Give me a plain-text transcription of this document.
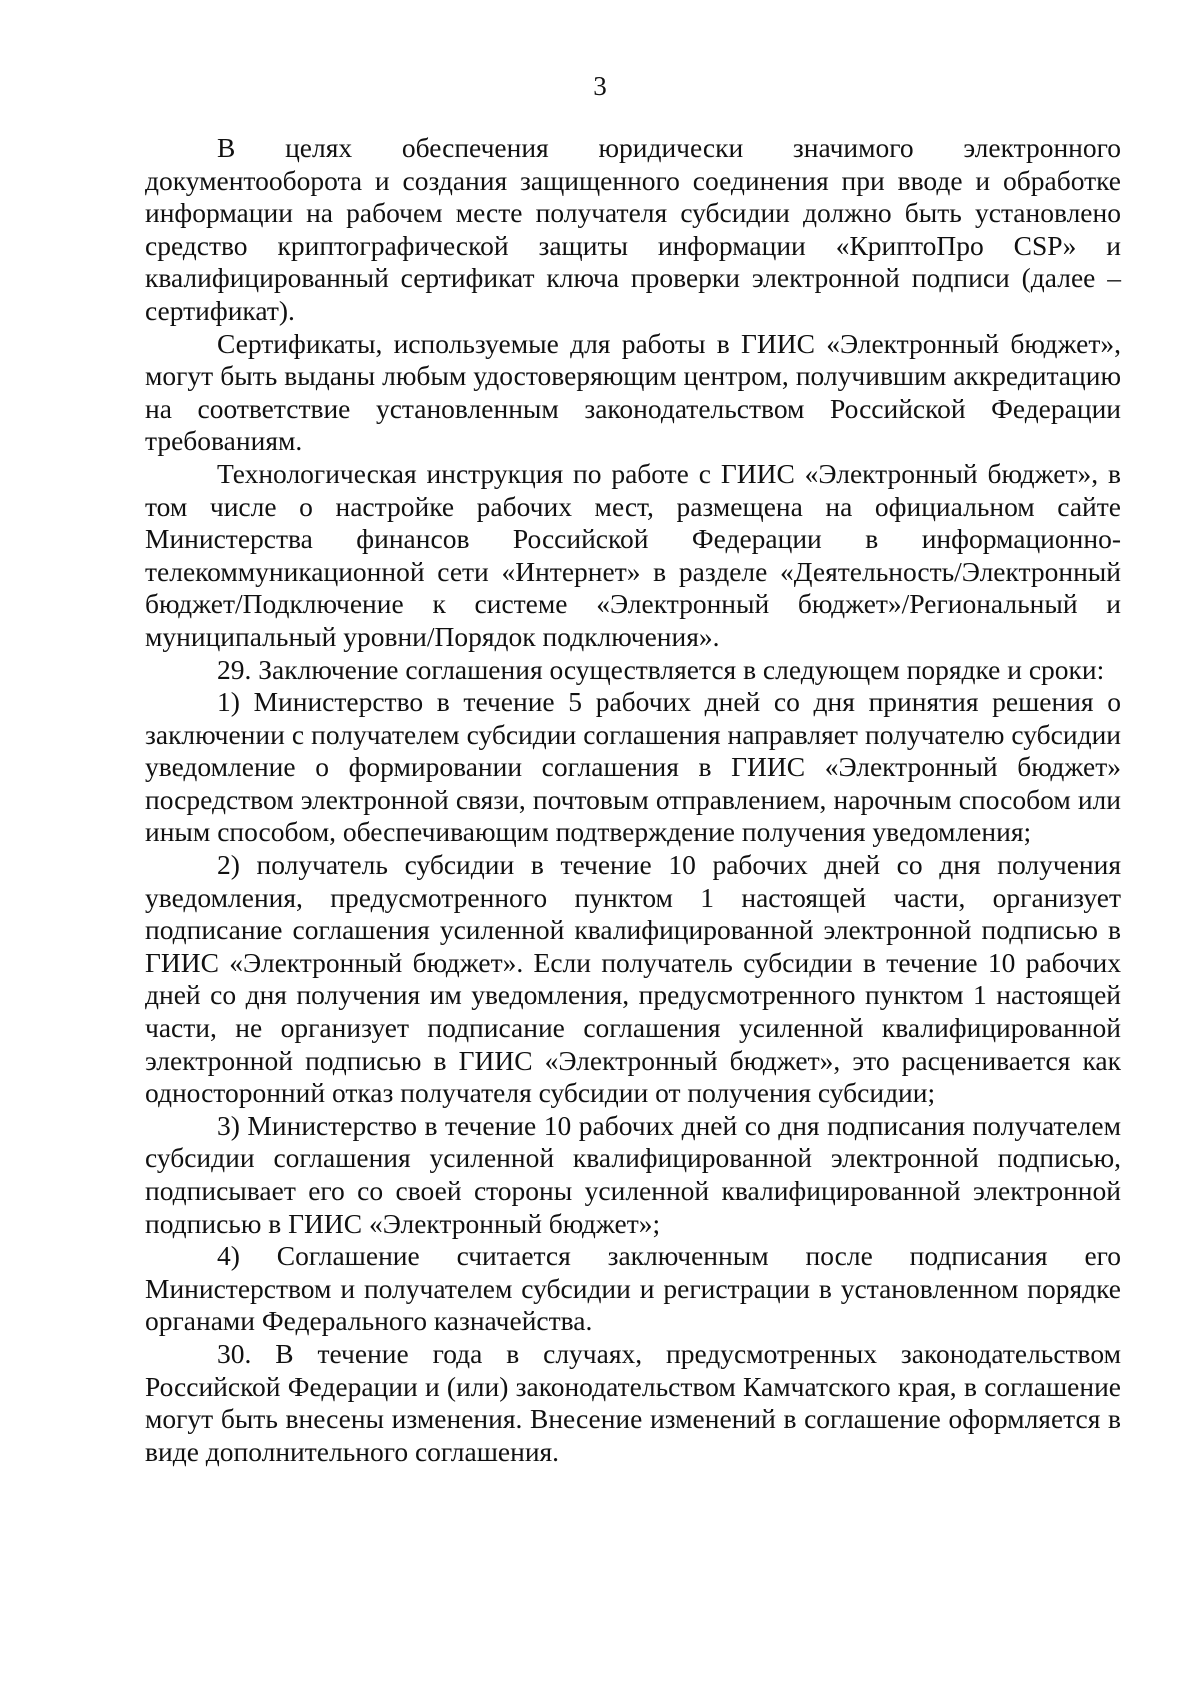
3

В целях обеспечения юридически значимого электронного документооборота и создания защищенного соединения при вводе и обработке информации на рабочем месте получателя субсидии должно быть установлено средство криптографической защиты информации «КриптоПро CSP» и квалифицированный сертификат ключа проверки электронной подписи (далее – сертификат).

Сертификаты, используемые для работы в ГИИС «Электронный бюджет», могут быть выданы любым удостоверяющим центром, получившим аккредитацию на соответствие установленным законодательством Российской Федерации требованиям.

Технологическая инструкция по работе с ГИИС «Электронный бюджет», в том числе о настройке рабочих мест, размещена на официальном сайте Министерства финансов Российской Федерации в информационно-телекоммуникационной сети «Интернет» в разделе «Деятельность/Электронный бюджет/Подключение к системе «Электронный бюджет»/Региональный и муниципальный уровни/Порядок подключения».

29. Заключение соглашения осуществляется в следующем порядке и сроки:

1) Министерство в течение 5 рабочих дней со дня принятия решения о заключении с получателем субсидии соглашения направляет получателю субсидии уведомление о формировании соглашения в ГИИС «Электронный бюджет» посредством электронной связи, почтовым отправлением, нарочным способом или иным способом, обеспечивающим подтверждение получения уведомления;

2) получатель субсидии в течение 10 рабочих дней со дня получения уведомления, предусмотренного пунктом 1 настоящей части, организует подписание соглашения усиленной квалифицированной электронной подписью в ГИИС «Электронный бюджет». Если получатель субсидии в течение 10 рабочих дней со дня получения им уведомления, предусмотренного пунктом 1 настоящей части, не организует подписание соглашения усиленной квалифицированной электронной подписью в ГИИС «Электронный бюджет», это расценивается как односторонний отказ получателя субсидии от получения субсидии;

3) Министерство в течение 10 рабочих дней со дня подписания получателем субсидии соглашения усиленной квалифицированной электронной подписью, подписывает его со своей стороны усиленной квалифицированной электронной подписью в ГИИС «Электронный бюджет»;

4) Соглашение считается заключенным после подписания его Министерством и получателем субсидии и регистрации в установленном порядке органами Федерального казначейства.

30. В течение года в случаях, предусмотренных законодательством Российской Федерации и (или) законодательством Камчатского края, в соглашение могут быть внесены изменения. Внесение изменений в соглашение оформляется в виде дополнительного соглашения.
